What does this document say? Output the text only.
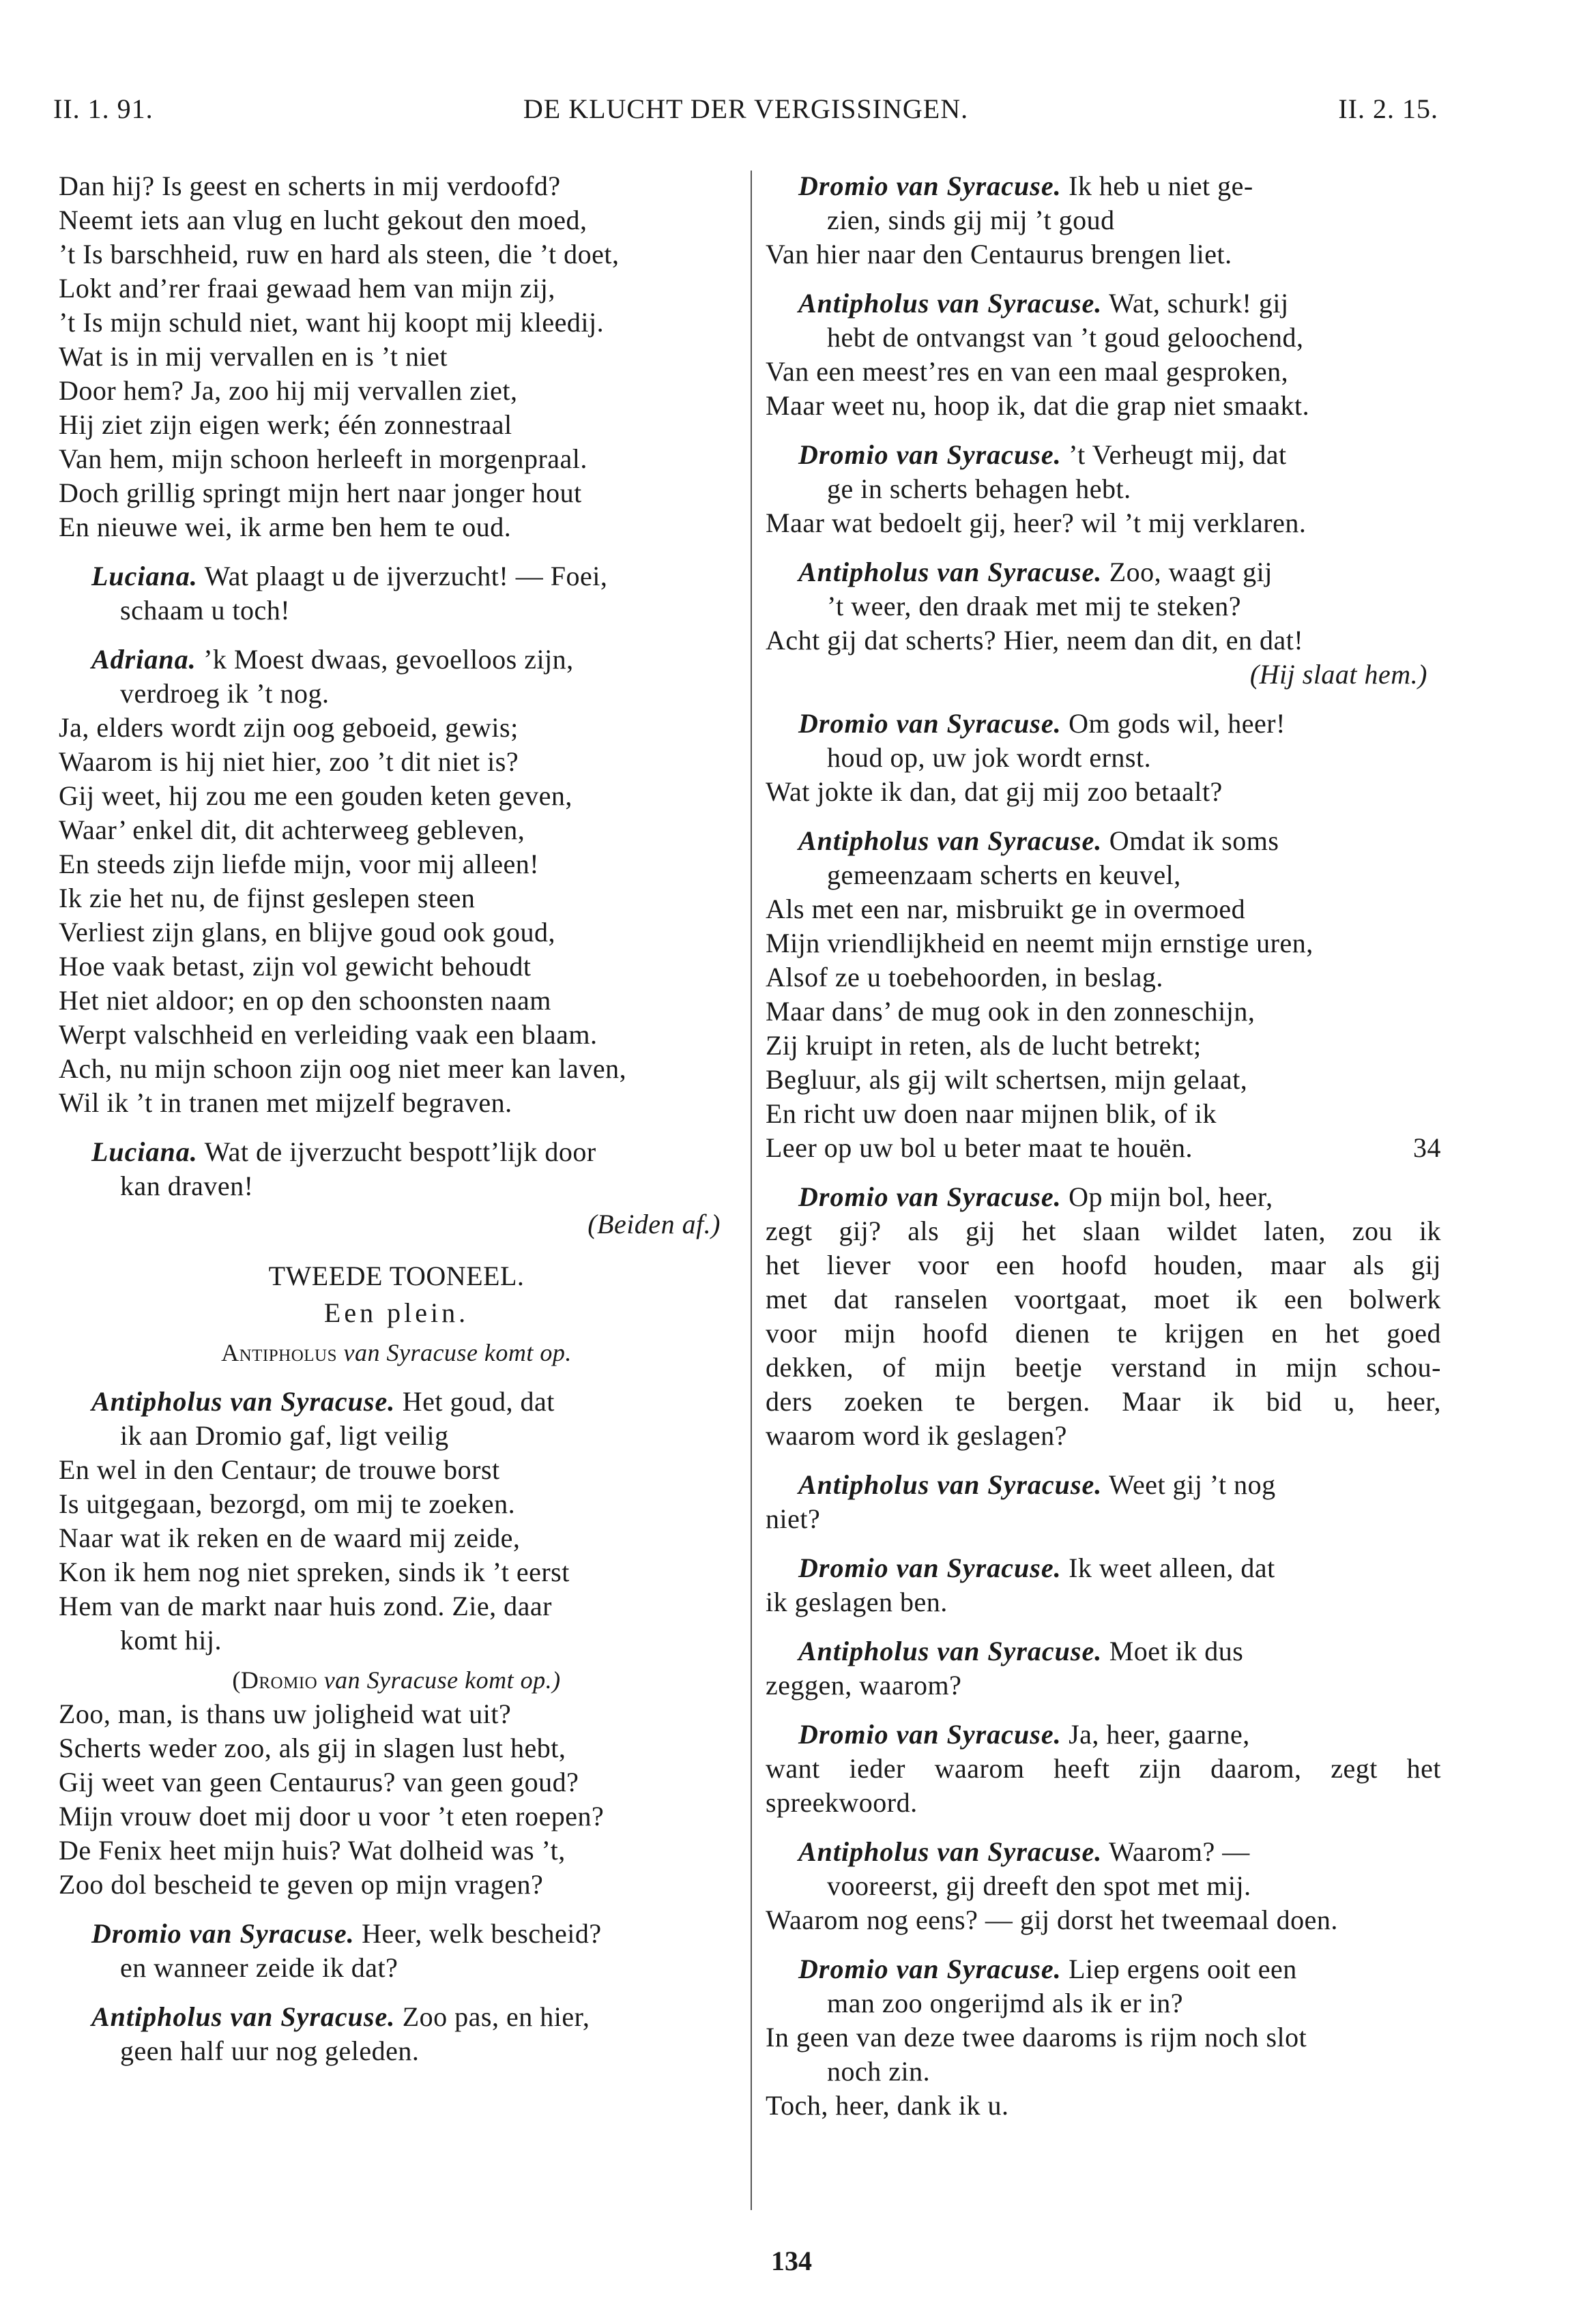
II. 1. 91.	DE KLUCHT DER VERGISSINGEN.	II. 2. 15.
Dan hij? Is geest en scherts in mij verdoofd?
Neemt iets aan vlug en lucht gekout den moed,
’t Is barschheid, ruw en hard als steen, die ’t doet,
Lokt and’rer fraai gewaad hem van mijn zij,
’t Is mijn schuld niet, want hij koopt mij kleedij.
Wat is in mij vervallen en is ’t niet
Door hem? Ja, zoo hij mij vervallen ziet,
Hij ziet zijn eigen werk; één zonnestraal
Van hem, mijn schoon herleeft in morgenpraal.
Doch grillig springt mijn hert naar jonger hout
En nieuwe wei, ik arme ben hem te oud.
Luciana. Wat plaagt u de ijverzucht! — Foei,
schaam u toch!
Adriana. ’k Moest dwaas, gevoelloos zijn,
verdroeg ik ’t nog.
Ja, elders wordt zijn oog geboeid, gewis;
Waarom is hij niet hier, zoo ’t dit niet is?
Gij weet, hij zou me een gouden keten geven,
Waar’ enkel dit, dit achterweeg gebleven,
En steeds zijn liefde mijn, voor mij alleen!
Ik zie het nu, de fijnst geslepen steen
Verliest zijn glans, en blijve goud ook goud,
Hoe vaak betast, zijn vol gewicht behoudt
Het niet aldoor; en op den schoonsten naam
Werpt valschheid en verleiding vaak een blaam.
Ach, nu mijn schoon zijn oog niet meer kan laven,
Wil ik ’t in tranen met mijzelf begraven.
Luciana. Wat de ijverzucht bespott’lijk door
kan draven!
(Beiden af.)
TWEEDE TOONEEL.
Een plein.
Antipholus van Syracuse komt op.
Antipholus van Syracuse. Het goud, dat
ik aan Dromio gaf, ligt veilig
En wel in den Centaur; de trouwe borst
Is uitgegaan, bezorgd, om mij te zoeken.
Naar wat ik reken en de waard mij zeide,
Kon ik hem nog niet spreken, sinds ik ’t eerst
Hem van de markt naar huis zond. Zie, daar
komt hij.
(Dromio van Syracuse komt op.)
Zoo, man, is thans uw joligheid wat uit?
Scherts weder zoo, als gij in slagen lust hebt,
Gij weet van geen Centaurus? van geen goud?
Mijn vrouw doet mij door u voor ’t eten roepen?
De Fenix heet mijn huis? Wat dolheid was ’t,
Zoo dol bescheid te geven op mijn vragen?
Dromio van Syracuse. Heer, welk bescheid?
en wanneer zeide ik dat?
Antipholus van Syracuse. Zoo pas, en hier,
geen half uur nog geleden.
Dromio van Syracuse. Ik heb u niet ge-
zien, sinds gij mij ’t goud
Van hier naar den Centaurus brengen liet.
Antipholus van Syracuse. Wat, schurk! gij
hebt de ontvangst van ’t goud geloochend,
Van een meest’res en van een maal gesproken,
Maar weet nu, hoop ik, dat die grap niet smaakt.
Dromio van Syracuse. ’t Verheugt mij, dat
ge in scherts behagen hebt.
Maar wat bedoelt gij, heer? wil ’t mij verklaren.
Antipholus van Syracuse. Zoo, waagt gij
’t weer, den draak met mij te steken?
Acht gij dat scherts? Hier, neem dan dit, en dat!
(Hij slaat hem.)
Dromio van Syracuse. Om gods wil, heer!
houd op, uw jok wordt ernst.
Wat jokte ik dan, dat gij mij zoo betaalt?
Antipholus van Syracuse. Omdat ik soms
gemeenzaam scherts en keuvel,
Als met een nar, misbruikt ge in overmoed
Mijn vriendlijkheid en neemt mijn ernstige uren,
Alsof ze u toebehoorden, in beslag.
Maar dans’ de mug ook in den zonneschijn,
Zij kruipt in reten, als de lucht betrekt;
Begluur, als gij wilt schertsen, mijn gelaat,
En richt uw doen naar mijnen blik, of ik
Leer op uw bol u beter maat te houën.	34
Dromio van Syracuse. Op mijn bol, heer,
zegt gij? als gij het slaan wildet laten, zou ik
het liever voor een hoofd houden, maar als gij
met dat ranselen voortgaat, moet ik een bolwerk
voor mijn hoofd dienen te krijgen en het goed
dekken, of mijn beetje verstand in mijn schou-
ders zoeken te bergen. Maar ik bid u, heer,
waarom word ik geslagen?
Antipholus van Syracuse. Weet gij ’t nog
niet?
Dromio van Syracuse. Ik weet alleen, dat
ik geslagen ben.
Antipholus van Syracuse. Moet ik dus
zeggen, waarom?
Dromio van Syracuse. Ja, heer, gaarne,
want ieder waarom heeft zijn daarom, zegt het
spreekwoord.
Antipholus van Syracuse. Waarom? —
vooreerst, gij dreeft den spot met mij.
Waarom nog eens? — gij dorst het tweemaal doen.
Dromio van Syracuse. Liep ergens ooit een
man zoo ongerijmd als ik er in?
In geen van deze twee daaroms is rijm noch slot
noch zin.
Toch, heer, dank ik u.
134
